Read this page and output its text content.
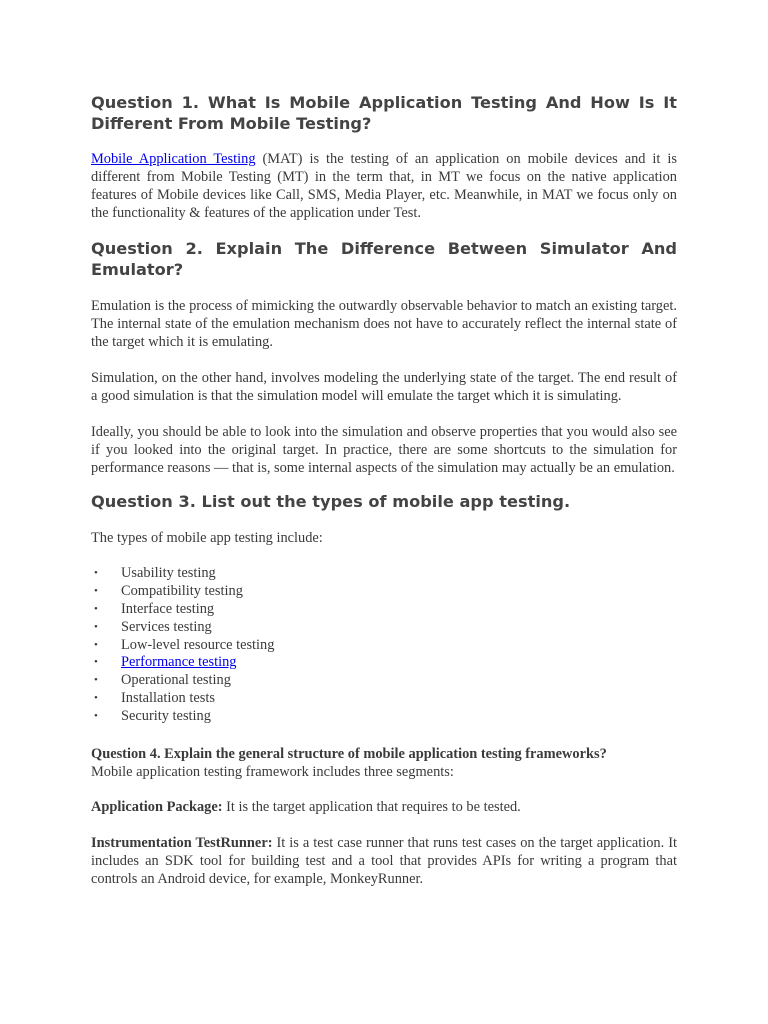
Question 1. What Is Mobile Application Testing And How Is It Different From Mobile Testing?

Mobile Application Testing (MAT) is the testing of an application on mobile devices and it is different from Mobile Testing (MT) in the term that, in MT we focus on the native application features of Mobile devices like Call, SMS, Media Player, etc. Meanwhile, in MAT we focus only on the functionality & features of the application under Test.

Question 2. Explain The Difference Between Simulator And Emulator?

Emulation is the process of mimicking the outwardly observable behavior to match an existing target. The internal state of the emulation mechanism does not have to accurately reflect the internal state of the target which it is emulating.

Simulation, on the other hand, involves modeling the underlying state of the target. The end result of a good simulation is that the simulation model will emulate the target which it is simulating.

Ideally, you should be able to look into the simulation and observe properties that you would also see if you looked into the original target. In practice, there are some shortcuts to the simulation for performance reasons — that is, some internal aspects of the simulation may actually be an emulation.

Question 3. List out the types of mobile app testing.

The types of mobile app testing include:

• Usability testing
• Compatibility testing
• Interface testing
• Services testing
• Low-level resource testing
• Performance testing
• Operational testing
• Installation tests
• Security testing

Question 4. Explain the general structure of mobile application testing frameworks?

Mobile application testing framework includes three segments:

Application Package: It is the target application that requires to be tested.

Instrumentation TestRunner: It is a test case runner that runs test cases on the target application. It includes an SDK tool for building test and a tool that provides APIs for writing a program that controls an Android device, for example, MonkeyRunner.
